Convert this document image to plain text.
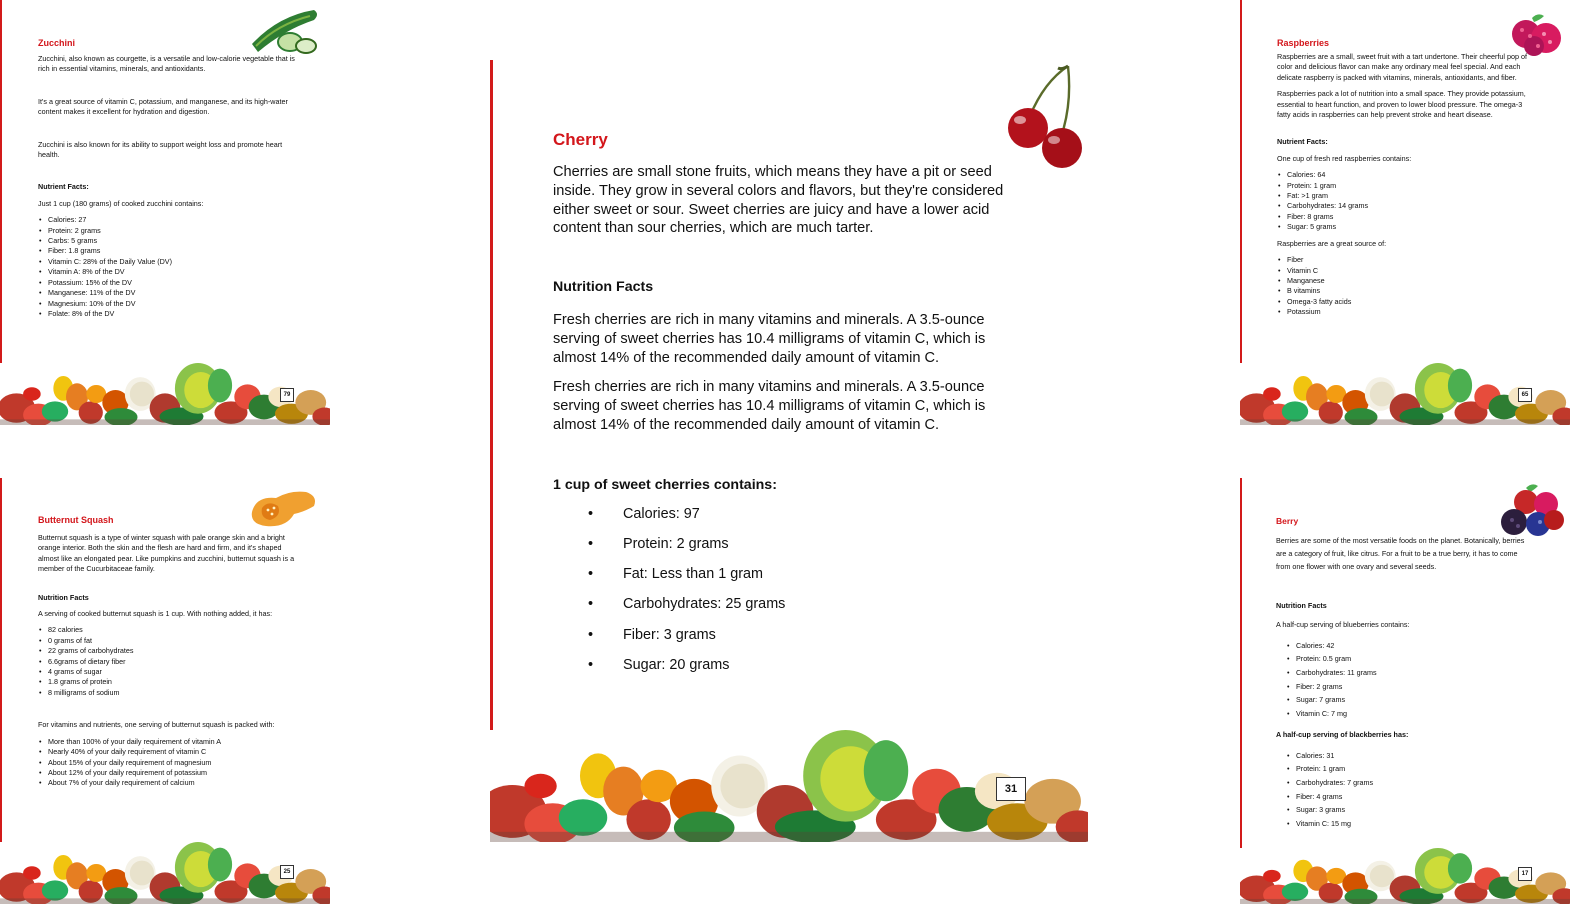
Zucchini

Zucchini, also known as courgette, is a versatile and low-calorie vegetable that is rich in essential vitamins, minerals, and antioxidants.

It's a great source of vitamin C, potassium, and manganese, and its high-water content makes it excellent for hydration and digestion.

Zucchini is also known for its ability to support weight loss and promote heart health.

Nutrient Facts:

Just 1 cup (180 grams) of cooked zucchini contains:

• Calories: 27
• Protein: 2 grams
• Carbs: 5 grams
• Fiber: 1.8 grams
• Vitamin C: 28% of the Daily Value (DV)
• Vitamin A: 8% of the DV
• Potassium: 15% of the DV
• Manganese: 11% of the DV
• Magnesium: 10% of the DV
• Folate: 8% of the DV
79
Butternut Squash

Butternut squash is a type of winter squash with pale orange skin and a bright orange interior. Both the skin and the flesh are hard and firm, and it's shaped almost like an elongated pear. Like pumpkins and zucchini, butternut squash is a member of the Cucurbitaceae family.

Nutrition Facts

A serving of cooked butternut squash is 1 cup. With nothing added, it has:

• 82 calories
• 0 grams of fat
• 22 grams of carbohydrates
• 6.6grams of dietary fiber
• 4 grams of sugar
• 1.8 grams of protein
• 8 milligrams of sodium

For vitamins and nutrients, one serving of butternut squash is packed with:

• More than 100% of your daily requirement of vitamin A
• Nearly 40% of your daily requirement of vitamin C
• About 15% of your daily requirement of magnesium
• About 12% of your daily requirement of potassium
• About 7% of your daily requirement of calcium
25
Cherry

Cherries are small stone fruits, which means they have a pit or seed inside. They grow in several colors and flavors, but they're considered either sweet or sour. Sweet cherries are juicy and have a lower acid content than sour cherries, which are much tarter.

Nutrition Facts

Fresh cherries are rich in many vitamins and minerals. A 3.5-ounce serving of sweet cherries has 10.4 milligrams of vitamin C, which is almost 14% of the recommended daily amount of vitamin C.

Fresh cherries are rich in many vitamins and minerals. A 3.5-ounce serving of sweet cherries has 10.4 milligrams of vitamin C, which is almost 14% of the recommended daily amount of vitamin C.

1 cup of sweet cherries contains:

• Calories: 97
• Protein: 2 grams
• Fat: Less than 1 gram
• Carbohydrates: 25 grams
• Fiber: 3 grams
• Sugar: 20 grams
31
Raspberries

Raspberries are a small, sweet fruit with a tart undertone. Their cheerful pop of color and delicious flavor can make any ordinary meal feel special. And each delicate raspberry is packed with vitamins, minerals, antioxidants, and fiber.

Raspberries pack a lot of nutrition into a small space. They provide potassium, essential to heart function, and proven to lower blood pressure. The omega-3 fatty acids in raspberries can help prevent stroke and heart disease.

Nutrient Facts:

One cup of fresh red raspberries contains:

• Calories: 64
• Protein: 1 gram
• Fat: >1 gram
• Carbohydrates: 14 grams
• Fiber: 8 grams
• Sugar: 5 grams

Raspberries are a great source of:

• Fiber
• Vitamin C
• Manganese
• B vitamins
• Omega-3 fatty acids
• Potassium
65
Berry

Berries are some of the most versatile foods on the planet. Botanically, berries are a category of fruit, like citrus. For a fruit to be a true berry, it has to come from one flower with one ovary and several seeds.

Nutrition Facts

A half-cup serving of blueberries contains:

• Calories: 42
• Protein: 0.5 gram
• Carbohydrates: 11 grams
• Fiber: 2 grams
• Sugar: 7 grams
• Vitamin C: 7 mg

A half-cup serving of blackberries has:

• Calories: 31
• Protein: 1 gram
• Carbohydrates: 7 grams
• Fiber: 4 grams
• Sugar: 3 grams
• Vitamin C: 15 mg
17
